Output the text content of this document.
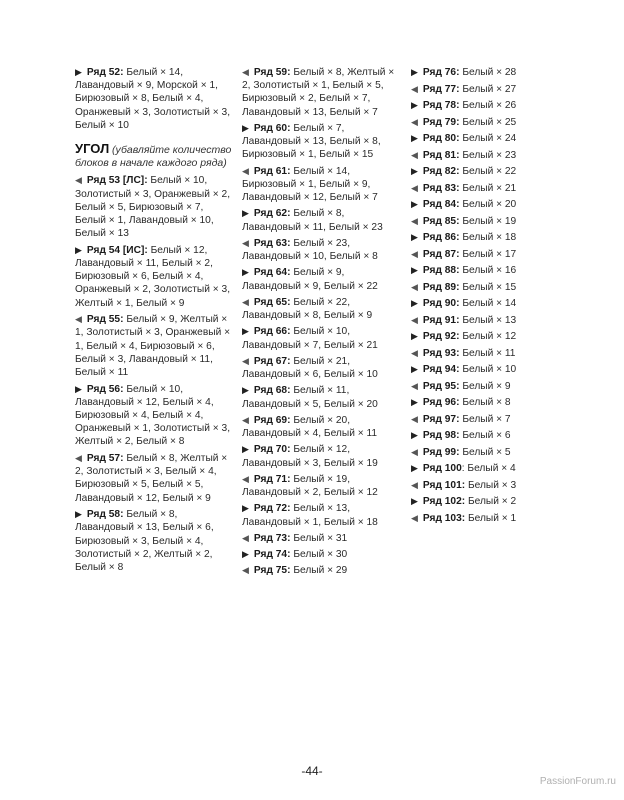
▶ Ряд 52: Белый × 14, Лавандовый × 9, Морской × 1, Бирюзовый × 8, Белый × 4, Оранжевый × 3, Золотистый × 3, Белый × 10
УГОЛ (убавляйте количество блоков в начале каждого ряда)
◀ Ряд 53 [ЛС]: Белый × 10, Золотистый × 3, Оранжевый × 2, Белый × 5, Бирюзовый × 7, Белый × 1, Лавандовый × 10, Белый × 13
▶ Ряд 54 [ИС]: Белый × 12, Лавандовый × 11, Белый × 2, Бирюзовый × 6, Белый × 4, Оранжевый × 2, Золотистый × 3, Желтый × 1, Белый × 9
◀ Ряд 55: Белый × 9, Желтый × 1, Золотистый × 3, Оранжевый × 1, Белый × 4, Бирюзовый × 6, Белый × 3, Лавандовый × 11, Белый × 11
▶ Ряд 56: Белый × 10, Лавандовый × 12, Белый × 4, Бирюзовый × 4, Белый × 4, Оранжевый × 1, Золотистый × 3, Желтый × 2, Белый × 8
◀ Ряд 57: Белый × 8, Желтый × 2, Золотистый × 3, Белый × 4, Бирюзовый × 5, Белый × 5, Лавандовый × 12, Белый × 9
▶ Ряд 58: Белый × 8, Лавандовый × 13, Белый × 6, Бирюзовый × 3, Белый × 4, Золотистый × 2, Желтый × 2, Белый × 8
◀ Ряд 59: Белый × 8, Желтый × 2, Золотистый × 1, Белый × 5, Бирюзовый × 2, Белый × 7, Лавандовый × 13, Белый × 7
▶ Ряд 60: Белый × 7, Лавандовый × 13, Белый × 8, Бирюзовый × 1, Белый × 15
◀ Ряд 61: Белый × 14, Бирюзовый × 1, Белый × 9, Лавандовый × 12, Белый × 7
▶ Ряд 62: Белый × 8, Лавандовый × 11, Белый × 23
◀ Ряд 63: Белый × 23, Лавандовый × 10, Белый × 8
▶ Ряд 64: Белый × 9, Лавандовый × 9, Белый × 22
◀ Ряд 65: Белый × 22, Лавандовый × 8, Белый × 9
▶ Ряд 66: Белый × 10, Лавандовый × 7, Белый × 21
◀ Ряд 67: Белый × 21, Лавандовый × 6, Белый × 10
▶ Ряд 68: Белый × 11, Лавандовый × 5, Белый × 20
◀ Ряд 69: Белый × 20, Лавандовый × 4, Белый × 11
▶ Ряд 70: Белый × 12, Лавандовый × 3, Белый × 19
◀ Ряд 71: Белый × 19, Лавандовый × 2, Белый × 12
▶ Ряд 72: Белый × 13, Лавандовый × 1, Белый × 18
◀ Ряд 73: Белый × 31
▶ Ряд 74: Белый × 30
◀ Ряд 75: Белый × 29
▶ Ряд 76: Белый × 28
◀ Ряд 77: Белый × 27
▶ Ряд 78: Белый × 26
◀ Ряд 79: Белый × 25
▶ Ряд 80: Белый × 24
◀ Ряд 81: Белый × 23
▶ Ряд 82: Белый × 22
◀ Ряд 83: Белый × 21
▶ Ряд 84: Белый × 20
◀ Ряд 85: Белый × 19
▶ Ряд 86: Белый × 18
◀ Ряд 87: Белый × 17
▶ Ряд 88: Белый × 16
◀ Ряд 89: Белый × 15
▶ Ряд 90: Белый × 14
◀ Ряд 91: Белый × 13
▶ Ряд 92: Белый × 12
◀ Ряд 93: Белый × 11
▶ Ряд 94: Белый × 10
◀ Ряд 95: Белый × 9
▶ Ряд 96: Белый × 8
◀ Ряд 97: Белый × 7
▶ Ряд 98: Белый × 6
◀ Ряд 99: Белый × 5
▶ Ряд 100: Белый × 4
◀ Ряд 101: Белый × 3
▶ Ряд 102: Белый × 2
◀ Ряд 103: Белый × 1
-44-
PassionForum.ru
